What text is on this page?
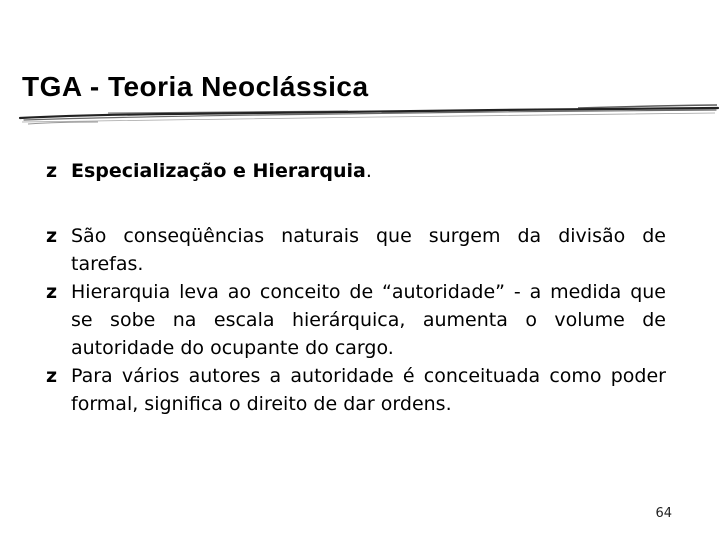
TGA - Teoria Neoclássica
z Especialização e Hierarquia.
z São conseqüências naturais que surgem da divisão de tarefas.
z Hierarquia leva ao conceito de “autoridade” - a medida que se sobe na escala hierárquica, aumenta o volume de autoridade do ocupante do cargo.
z Para vários autores a autoridade é conceituada como poder formal, significa o direito de dar ordens.
64
